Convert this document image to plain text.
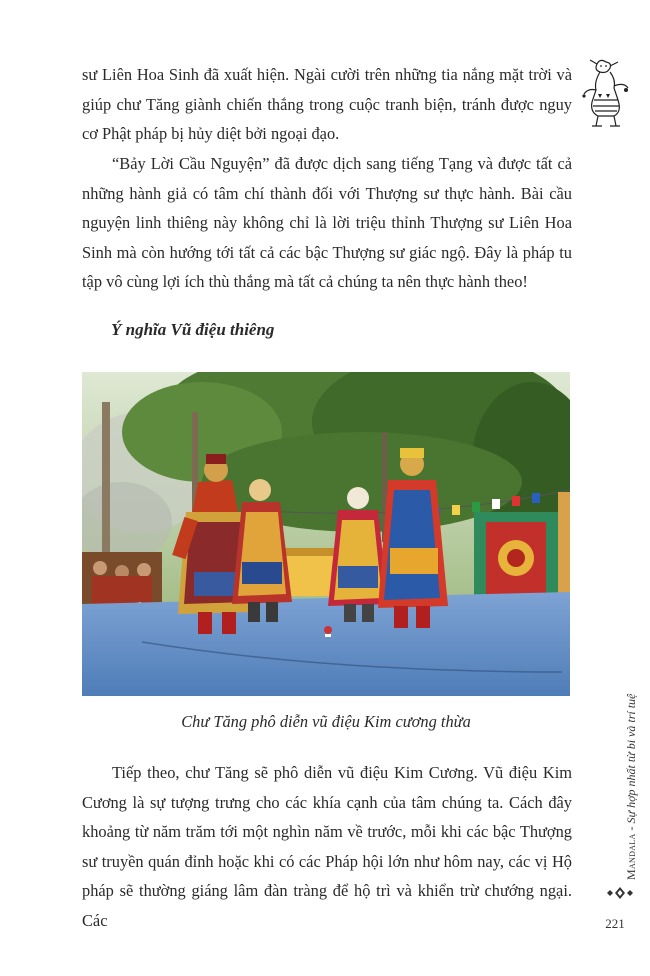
sư Liên Hoa Sinh đã xuất hiện. Ngài cười trên những tia nắng mặt trời và giúp chư Tăng giành chiến thắng trong cuộc tranh biện, tránh được nguy cơ Phật pháp bị hủy diệt bởi ngoại đạo.

“Bảy Lời Cầu Nguyện” đã được dịch sang tiếng Tạng và được tất cả những hành giả có tâm chí thành đối với Thượng sư thực hành. Bài cầu nguyện linh thiêng này không chỉ là lời triệu thỉnh Thượng sư Liên Hoa Sinh mà còn hướng tới tất cả các bậc Thượng sư giác ngộ. Đây là pháp tu tập vô cùng lợi ích thù thắng mà tất cả chúng ta nên thực hành theo!

Ý nghĩa Vũ điệu thiêng

Chư Tăng phô diễn vũ điệu Kim cương thừa

Tiếp theo, chư Tăng sẽ phô diễn vũ điệu Kim Cương. Vũ điệu Kim Cương là sự tượng trưng cho các khía cạnh của tâm chúng ta. Cách đây khoảng từ năm trăm tới một nghìn năm về trước, mỗi khi các bậc Thượng sư truyền quán đỉnh hoặc khi có các Pháp hội lớn như hôm nay, các vị Hộ pháp sẽ thường giáng lâm đàn tràng để hộ trì và khiển trừ chướng ngại. Các

Mandala - Sự hợp nhất từ bi và trí tuệ

221
